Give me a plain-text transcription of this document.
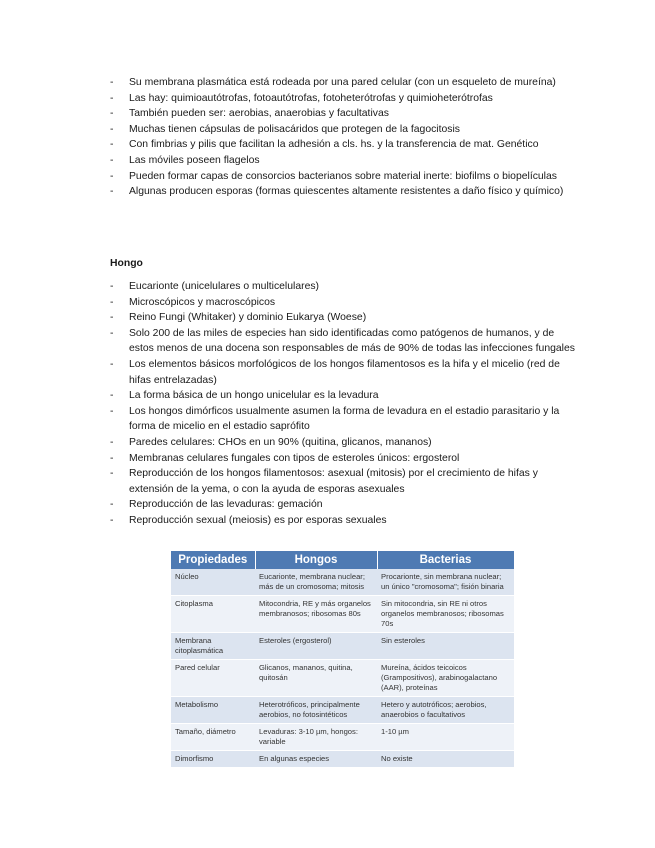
- Su membrana plasmática está rodeada por una pared celular (con un esqueleto de mureína)
- Las hay: quimioautótrofas, fotoautótrofas, fotoheterótrofas y quimioheterótrofas
- También pueden ser: aerobias, anaerobias y facultativas
- Muchas tienen cápsulas de polisacáridos que protegen de la fagocitosis
- Con fimbrias y pilis que facilitan la adhesión a cls. hs. y la transferencia de mat. Genético
- Las móviles poseen flagelos
- Pueden formar capas de consorcios bacterianos sobre material inerte: biofilms o biopelículas
- Algunas producen esporas (formas quiescentes altamente resistentes a daño físico y químico)
Hongo
- Eucarionte (unicelulares o multicelulares)
- Microscópicos y macroscópicos
- Reino Fungi (Whitaker) y dominio Eukarya (Woese)
- Solo 200 de las miles de especies han sido identificadas como patógenos de humanos, y de estos menos de una docena son responsables de más de 90% de todas las infecciones fungales
- Los elementos básicos morfológicos de los hongos filamentosos es la hifa y el micelio (red de hifas entrelazadas)
- La forma básica de un hongo unicelular es la levadura
- Los hongos dimórficos usualmente asumen la forma de levadura en el estadio parasitario y la forma de micelio en el estadio saprófito
- Paredes celulares: CHOs en un 90% (quitina, glicanos, mananos)
- Membranas celulares fungales con tipos de esteroles únicos: ergosterol
- Reproducción de los hongos filamentosos: asexual (mitosis) por el crecimiento de hifas y extensión de la yema, o con la ayuda de esporas asexuales
- Reproducción de las levaduras: gemación
- Reproducción sexual (meiosis) es por esporas sexuales
Propiedades	Hongos	Bacterias
Núcleo	Eucarionte, membrana nuclear; más de un cromosoma; mitosis	Procarionte, sin membrana nuclear; un único "cromosoma"; fisión binaria
Citoplasma	Mitocondria, RE y más organelos membranosos; ribosomas 80s	Sin mitocondria, sin RE ni otros organelos membranosos; ribosomas 70s
Membrana citoplasmática	Esteroles (ergosterol)	Sin esteroles
Pared celular	Glicanos, mananos, quitina, quitosán	Mureína, ácidos teicoicos (Grampositivos), arabinogalactano (AAR), proteínas
Metabolismo	Heterotróficos, principalmente aerobios, no fotosintéticos	Hetero y autotróficos; aerobios, anaerobios o facultativos
Tamaño, diámetro	Levaduras: 3-10 µm, hongos: variable	1-10 µm
Dimorfismo	En algunas especies	No existe
